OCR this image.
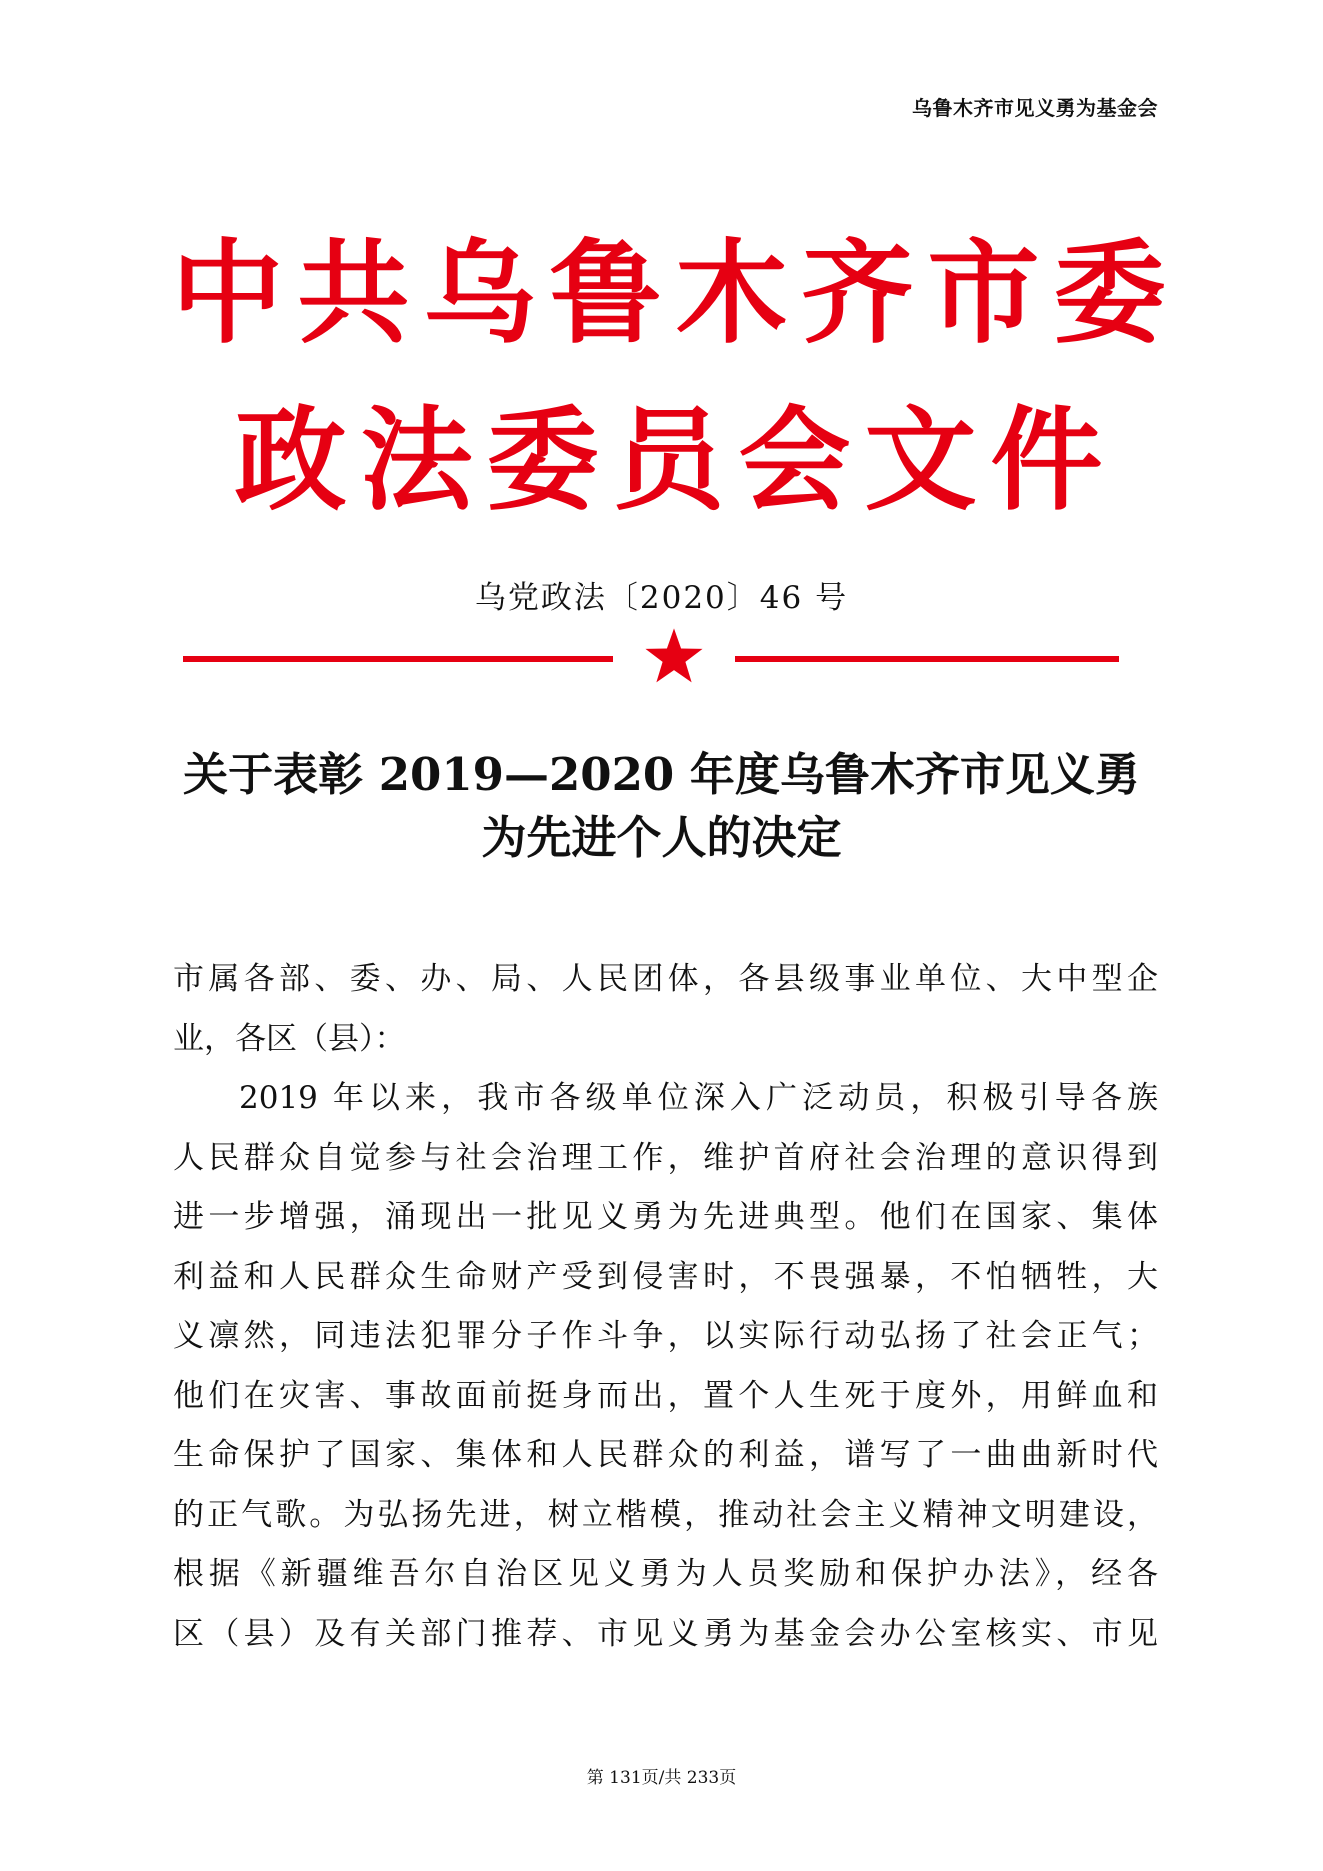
乌鲁木齐市见义勇为基金会
中共乌鲁木齐市委
政法委员会文件
乌党政法〔2020〕46 号
关于表彰 2019—2020 年度乌鲁木齐市见义勇
为先进个人的决定
市属各部、委、办、局、人民团体，各县级事业单位、大中型企
业，各区（县）：
2019 年以来，我市各级单位深入广泛动员，积极引导各族
人民群众自觉参与社会治理工作，维护首府社会治理的意识得到
进一步增强，涌现出一批见义勇为先进典型。他们在国家、集体
利益和人民群众生命财产受到侵害时，不畏强暴，不怕牺牲，大
义凛然，同违法犯罪分子作斗争，以实际行动弘扬了社会正气；
他们在灾害、事故面前挺身而出，置个人生死于度外，用鲜血和
生命保护了国家、集体和人民群众的利益，谱写了一曲曲新时代
的正气歌。为弘扬先进，树立楷模，推动社会主义精神文明建设，
根据《新疆维吾尔自治区见义勇为人员奖励和保护办法》，经各
区（县）及有关部门推荐、市见义勇为基金会办公室核实、市见
第 131页/共 233页
